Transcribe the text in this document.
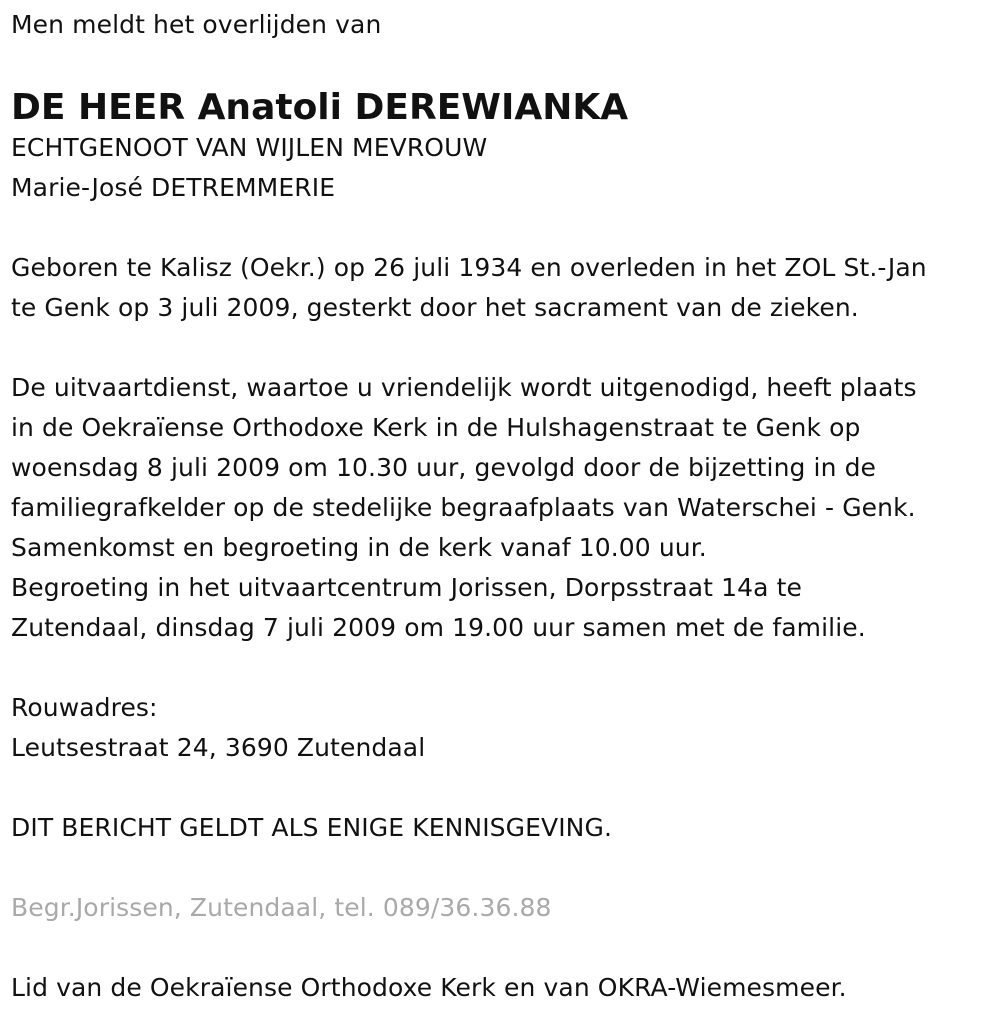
Men meldt het overlijden van
DE HEER Anatoli DEREWIANKA
ECHTGENOOT VAN WIJLEN MEVROUW
Marie-José DETREMMERIE
Geboren te Kalisz (Oekr.) op 26 juli 1934 en overleden in het ZOL St.-Jan
te Genk op 3 juli 2009, gesterkt door het sacrament van de zieken.
De uitvaartdienst, waartoe u vriendelijk wordt uitgenodigd, heeft plaats
in de Oekraïense Orthodoxe Kerk in de Hulshagenstraat te Genk op
woensdag 8 juli 2009 om 10.30 uur, gevolgd door de bijzetting in de
familiegrafkelder op de stedelijke begraafplaats van Waterschei - Genk.
Samenkomst en begroeting in de kerk vanaf 10.00 uur.
Begroeting in het uitvaartcentrum Jorissen, Dorpsstraat 14a te
Zutendaal, dinsdag 7 juli 2009 om 19.00 uur samen met de familie.
Rouwadres:
Leutsestraat 24, 3690 Zutendaal
DIT BERICHT GELDT ALS ENIGE KENNISGEVING.
Begr.Jorissen, Zutendaal, tel. 089/36.36.88
Lid van de Oekraïense Orthodoxe Kerk en van OKRA-Wiemesmeer.
